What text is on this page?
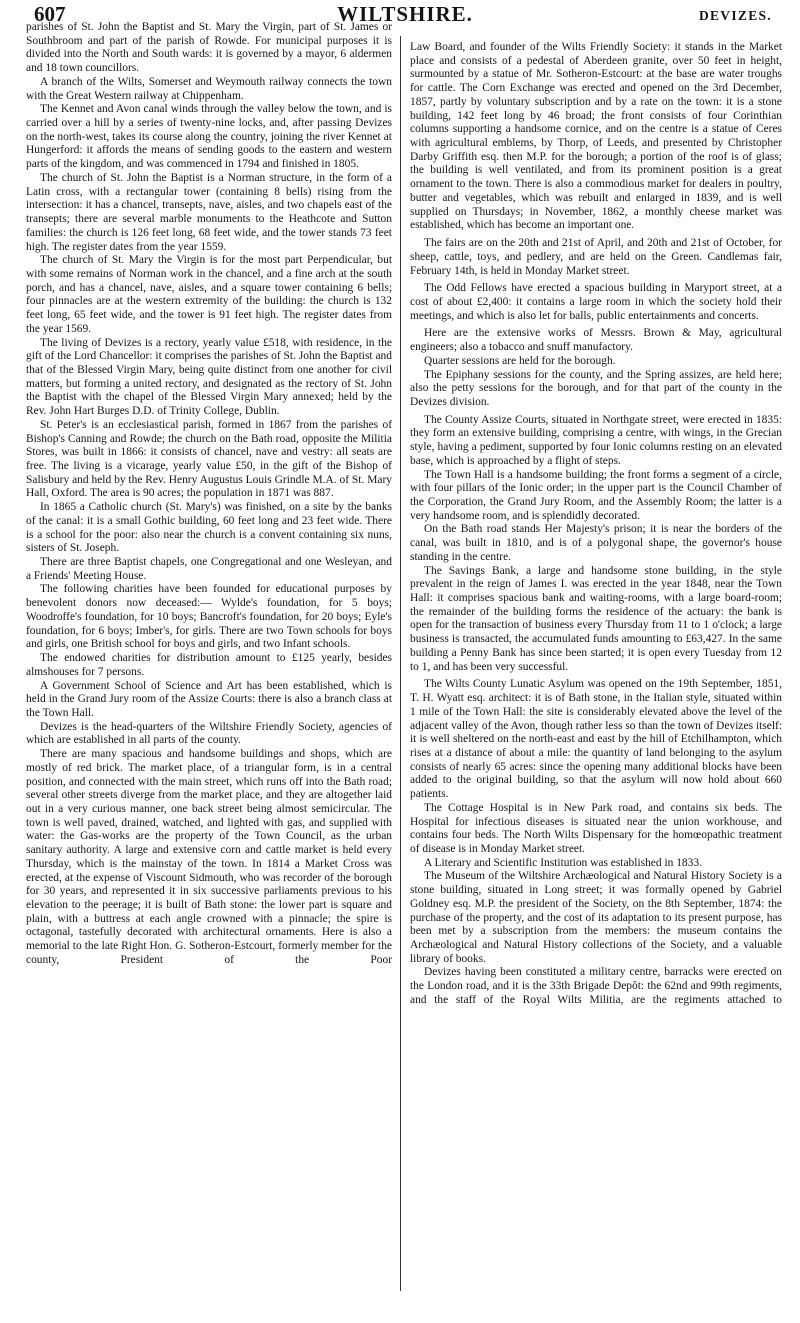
607	WILTSHIRE.	DEVIZES.

parishes of St. John the Baptist and St. Mary the Virgin, part of St. James or Southbroom and part of the parish of Rowde. For municipal purposes it is divided into the North and South wards: it is governed by a mayor, 6 aldermen and 18 town councillors.

A branch of the Wilts, Somerset and Weymouth railway connects the town with the Great Western railway at Chippenham.

The Kennet and Avon canal winds through the valley below the town, and is carried over a hill by a series of twenty-nine locks, and, after passing Devizes on the north-west, takes its course along the country, joining the river Kennet at Hungerford: it affords the means of sending goods to the eastern and western parts of the kingdom, and was commenced in 1794 and finished in 1805.

The church of St. John the Baptist is a Norman structure, in the form of a Latin cross, with a rectangular tower (containing 8 bells) rising from the intersection: it has a chancel, transepts, nave, aisles, and two chapels east of the transepts; there are several marble monuments to the Heathcote and Sutton families: the church is 126 feet long, 68 feet wide, and the tower stands 73 feet high. The register dates from the year 1559.

The church of St. Mary the Virgin is for the most part Perpendicular, but with some remains of Norman work in the chancel, and a fine arch at the south porch, and has a chancel, nave, aisles, and a square tower containing 6 bells; four pinnacles are at the western extremity of the building: the church is 132 feet long, 65 feet wide, and the tower is 91 feet high. The register dates from the year 1569.

The living of Devizes is a rectory, yearly value £518, with residence, in the gift of the Lord Chancellor: it comprises the parishes of St. John the Baptist and that of the Blessed Virgin Mary, being quite distinct from one another for civil matters, but forming a united rectory, and designated as the rectory of St. John the Baptist with the chapel of the Blessed Virgin Mary annexed; held by the Rev. John Hart Burges D.D. of Trinity College, Dublin.

St. Peter's is an ecclesiastical parish, formed in 1867 from the parishes of Bishop's Canning and Rowde; the church on the Bath road, opposite the Militia Stores, was built in 1866: it consists of chancel, nave and vestry: all seats are free. The living is a vicarage, yearly value £50, in the gift of the Bishop of Salisbury and held by the Rev. Henry Augustus Louis Grindle M.A. of St. Mary Hall, Oxford. The area is 90 acres; the population in 1871 was 887.

In 1865 a Catholic church (St. Mary's) was finished, on a site by the banks of the canal: it is a small Gothic building, 60 feet long and 23 feet wide. There is a school for the poor: also near the church is a convent containing six nuns, sisters of St. Joseph.

There are three Baptist chapels, one Congregational and one Wesleyan, and a Friends' Meeting House.

The following charities have been founded for educational purposes by benevolent donors now deceased:— Wylde's foundation, for 5 boys; Woodroffe's foundation, for 10 boys; Bancroft's foundation, for 20 boys; Eyle's foundation, for 6 boys; Imber's, for girls. There are two Town schools for boys and girls, one British school for boys and girls, and two Infant schools.

The endowed charities for distribution amount to £125 yearly, besides almshouses for 7 persons.

A Government School of Science and Art has been established, which is held in the Grand Jury room of the Assize Courts: there is also a branch class at the Town Hall.

Devizes is the head-quarters of the Wiltshire Friendly Society, agencies of which are established in all parts of the county.

There are many spacious and handsome buildings and shops, which are mostly of red brick. The market place, of a triangular form, is in a central position, and connected with the main street, which runs off into the Bath road; several other streets diverge from the market place, and they are altogether laid out in a very curious manner, one back street being almost semicircular. The town is well paved, drained, watched, and lighted with gas, and supplied with water: the Gas-works are the property of the Town Council, as the urban sanitary authority. A large and extensive corn and cattle market is held every Thursday, which is the mainstay of the town. In 1814 a Market Cross was erected, at the expense of Viscount Sidmouth, who was recorder of the borough for 30 years, and represented it in six successive parliaments previous to his elevation to the peerage; it is built of Bath stone: the lower part is square and plain, with a buttress at each angle crowned with a pinnacle; the spire is octagonal, tastefully decorated with architectural ornaments. Here is also a memorial to the late Right Hon. G. Sotheron-Estcourt, formerly member for the county, President of the Poor

Law Board, and founder of the Wilts Friendly Society: it stands in the Market place and consists of a pedestal of Aberdeen granite, over 50 feet in height, surmounted by a statue of Mr. Sotheron-Estcourt: at the base are water troughs for cattle. The Corn Exchange was erected and opened on the 3rd December, 1857, partly by voluntary subscription and by a rate on the town: it is a stone building, 142 feet long by 46 broad; the front consists of four Corinthian columns supporting a handsome cornice, and on the centre is a statue of Ceres with agricultural emblems, by Thorp, of Leeds, and presented by Christopher Darby Griffith esq. then M.P. for the borough; a portion of the roof is of glass; the building is well ventilated, and from its prominent position is a great ornament to the town. There is also a commodious market for dealers in poultry, butter and vegetables, which was rebuilt and enlarged in 1839, and is well supplied on Thursdays; in November, 1862, a monthly cheese market was established, which has become an important one.

The fairs are on the 20th and 21st of April, and 20th and 21st of October, for sheep, cattle, toys, and pedlery, and are held on the Green. Candlemas fair, February 14th, is held in Monday Market street.

The Odd Fellows have erected a spacious building in Maryport street, at a cost of about £2,400: it contains a large room in which the society hold their meetings, and which is also let for balls, public entertainments and concerts.

Here are the extensive works of Messrs. Brown & May, agricultural engineers; also a tobacco and snuff manufactory.

Quarter sessions are held for the borough.

The Epiphany sessions for the county, and the Spring assizes, are held here; also the petty sessions for the borough, and for that part of the county in the Devizes division.

The County Assize Courts, situated in Northgate street, were erected in 1835: they form an extensive building, comprising a centre, with wings, in the Grecian style, having a pediment, supported by four Ionic columns resting on an elevated base, which is approached by a flight of steps.

The Town Hall is a handsome building; the front forms a segment of a circle, with four pillars of the Ionic order; in the upper part is the Council Chamber of the Corporation, the Grand Jury Room, and the Assembly Room; the latter is a very handsome room, and is splendidly decorated.

On the Bath road stands Her Majesty's prison; it is near the borders of the canal, was built in 1810, and is of a polygonal shape, the governor's house standing in the centre.

The Savings Bank, a large and handsome stone building, in the style prevalent in the reign of James I. was erected in the year 1848, near the Town Hall: it comprises spacious bank and waiting-rooms, with a large board-room; the remainder of the building forms the residence of the actuary: the bank is open for the transaction of business every Thursday from 11 to 1 o'clock; a large business is transacted, the accumulated funds amounting to £63,427. In the same building a Penny Bank has since been started; it is open every Tuesday from 12 to 1, and has been very successful.

The Wilts County Lunatic Asylum was opened on the 19th September, 1851, T. H. Wyatt esq. architect: it is of Bath stone, in the Italian style, situated within 1 mile of the Town Hall: the site is considerably elevated above the level of the adjacent valley of the Avon, though rather less so than the town of Devizes itself: it is well sheltered on the north-east and east by the hill of Etchilhampton, which rises at a distance of about a mile: the quantity of land belonging to the asylum consists of nearly 65 acres: since the opening many additional blocks have been added to the original building, so that the asylum will now hold about 660 patients.

The Cottage Hospital is in New Park road, and contains six beds. The Hospital for infectious diseases is situated near the union workhouse, and contains four beds. The North Wilts Dispensary for the homœopathic treatment of disease is in Monday Market street.

A Literary and Scientific Institution was established in 1833.

The Museum of the Wiltshire Archæological and Natural History Society is a stone building, situated in Long street; it was formally opened by Gabriel Goldney esq. M.P. the president of the Society, on the 8th September, 1874: the purchase of the property, and the cost of its adaptation to its present purpose, has been met by a subscription from the members: the museum contains the Archæological and Natural History collections of the Society, and a valuable library of books.

Devizes having been constituted a military centre, barracks were erected on the London road, and it is the 33th Brigade Depôt: the 62nd and 99th regiments, and the staff of the Royal Wilts Militia, are the regiments attached to
